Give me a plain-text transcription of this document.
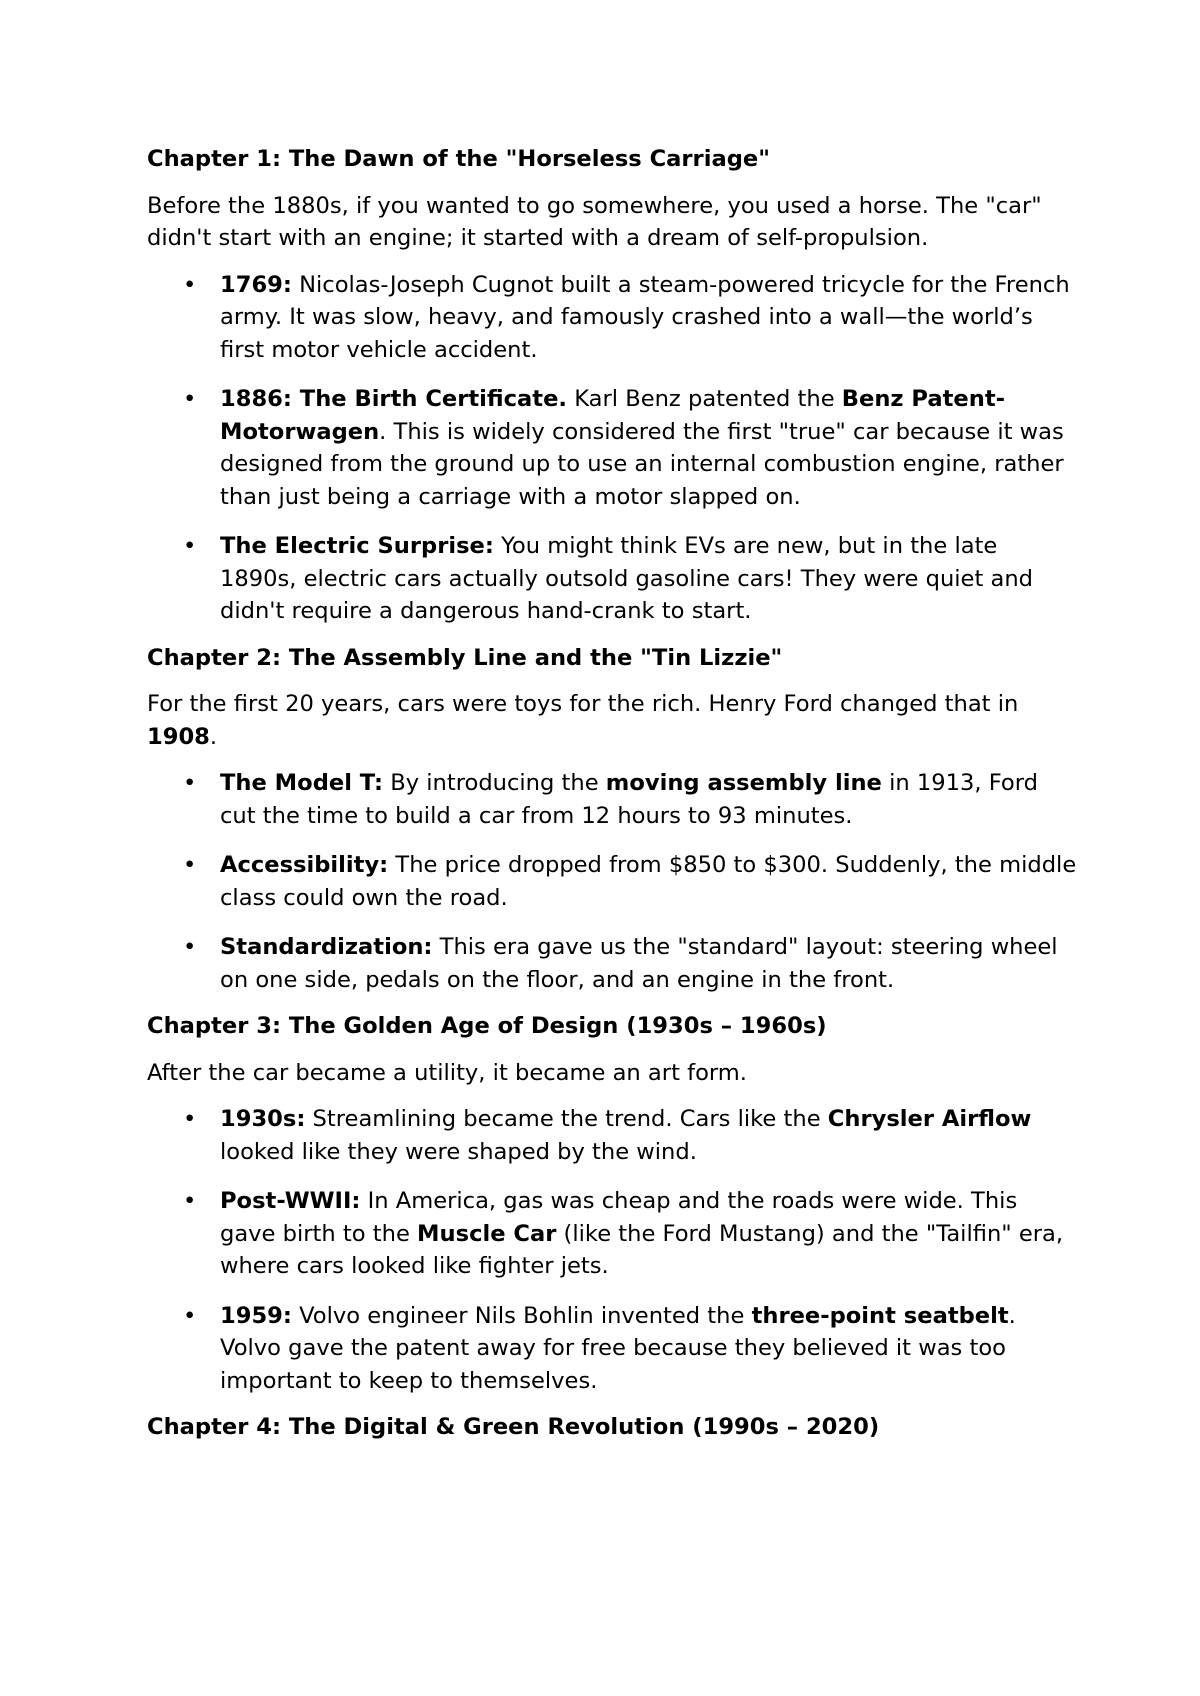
Chapter 1: The Dawn of the "Horseless Carriage"

Before the 1880s, if you wanted to go somewhere, you used a horse. The "car" didn't start with an engine; it started with a dream of self-propulsion.

• 1769: Nicolas-Joseph Cugnot built a steam-powered tricycle for the French army. It was slow, heavy, and famously crashed into a wall—the world’s first motor vehicle accident.
• 1886: The Birth Certificate. Karl Benz patented the Benz Patent-Motorwagen. This is widely considered the first "true" car because it was designed from the ground up to use an internal combustion engine, rather than just being a carriage with a motor slapped on.
• The Electric Surprise: You might think EVs are new, but in the late 1890s, electric cars actually outsold gasoline cars! They were quiet and didn't require a dangerous hand-crank to start.
Chapter 2: The Assembly Line and the "Tin Lizzie"

For the first 20 years, cars were toys for the rich. Henry Ford changed that in 1908.

• The Model T: By introducing the moving assembly line in 1913, Ford cut the time to build a car from 12 hours to 93 minutes.
• Accessibility: The price dropped from $850 to $300. Suddenly, the middle class could own the road.
• Standardization: This era gave us the "standard" layout: steering wheel on one side, pedals on the floor, and an engine in the front.
Chapter 3: The Golden Age of Design (1930s – 1960s)

After the car became a utility, it became an art form.

• 1930s: Streamlining became the trend. Cars like the Chrysler Airflow looked like they were shaped by the wind.
• Post-WWII: In America, gas was cheap and the roads were wide. This gave birth to the Muscle Car (like the Ford Mustang) and the "Tailfin" era, where cars looked like fighter jets.
• 1959: Volvo engineer Nils Bohlin invented the three-point seatbelt. Volvo gave the patent away for free because they believed it was too important to keep to themselves.
Chapter 4: The Digital & Green Revolution (1990s – 2020)
